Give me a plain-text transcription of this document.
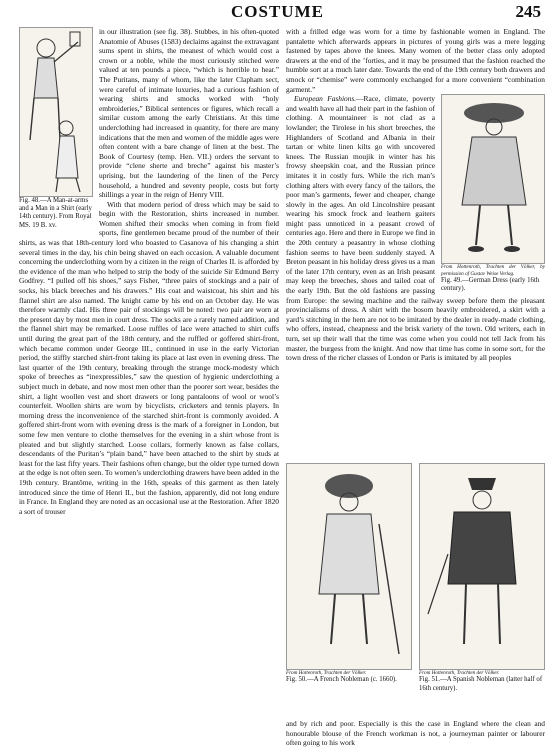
COSTUME	245
Fig. 48.—A Man-at-arms and a Man in a Shirt (early 14th century). From Royal MS. 19 B. xv.

in our illustration (see fig. 38). Stubbes, in his often-quoted Anatomie of Abuses (1583) declaims against the extravagant sums spent in shirts, the meanest of which would cost a crown or a noble, while the most curiously stitched were valued at ten pounds a piece, “which is horrible to hear.” The Puritans, many of whom, like the later Clapham sect, were careful of intimate luxuries, had a curious fashion of wearing shirts and smocks worked with “holy embroideries,” Biblical sentences or figures, which recall a similar custom among the early Christians. At this time underclothing had increased in quantity, for there are many indications that the men and women of the middle ages were often content with a bare change of linen at the best. The Book of Courtesy (temp. Hen. VII.) orders the servant to provide “clene sherte and breche” against his master’s uprising, but the laundering of the linen of the Percy household, a hundred and seventy people, costs but forty shillings a year in the reign of Henry VIII.

With that modern period of dress which may be said to begin with the Restoration, shirts increased in number. Women shifted their smocks when coming in from field sports, fine gentlemen became proud of the number of their shirts, as was that 18th-century lord who boasted to Casanova of his changing a shirt several times in the day, his chin being shaved on each occasion. A valuable document concerning the underclothing worn by a citizen in the reign of Charles II. is afforded by the evidence of the man who helped to strip the body of the suicide Sir Edmund Berry Godfrey. “I pulled off his shoes,” says Fisher, “three pairs of stockings and a pair of socks, his black breeches and his drawers.” His coat and waistcoat, his shirt and his flannel shirt are also named. The knight came by his end on an October day. He was therefore warmly clad. His three pair of stockings will be noted: two pair are worn at the present day by most men in court dress. The socks are a rarely named addition, and the flannel shirt may be remarked. Loose ruffles of lace were attached to shirt cuffs until during the great part of the 18th century, and the ruffled or goffered shirt-front, which became common under George III., continued in use in the early Victorian period, the stiffly starched shirt-front taking its place at last even in evening dress. The last quarter of the 19th century, breaking through the strange mock-modesty which spoke of breeches as “inexpressibles,” saw the question of hygienic underclothing a subject much in debate, and now most men other than the poorer sort wear, besides the shirt, a light woollen vest and short drawers or long pantaloons of wool or wool’s counterfeit. Woollen shirts are worn by bicyclists, cricketers and tennis players. In morning dress the inconvenience of the starched shirt-front is commonly avoided. A goffered shirt-front worn with evening dress is the mark of a foreigner in London, but some few men venture to clothe themselves for the evening in a shirt whose front is pleated and but slightly starched. Loose collars, formerly known as false collars, descendants of the Puritan’s “plain band,” have been attached to the shirt by studs at least for the last fifty years. Their fashions often change, but the older type turned down at the edge is not often seen. To women’s underclothing drawers have been added in the 19th century. Brantôme, writing in the 16th, speaks of this garment as then lately introduced since the time of Henri II., but the fashion, apparently, did not long endure in France. In England they are noted as an occasional use at the Restoration. After 1820 a sort of trouser

with a frilled edge was worn for a time by fashionable women in England. The pantalette which afterwards appears in pictures of young girls was a mere legging fastened by tapes above the knees. Many women of the better class only adopted drawers at the end of the ’forties, and it may be presumed that the fashion reached the humble sort at a much later date. Towards the end of the 19th century both drawers and smock or “chemise” were commonly exchanged for a more convenient “combination garment.”

From Hottenroth, Trachten der Völker, by permission of Gustav Weise Verlag.
Fig. 49.—German Dress (early 16th century).

European Fashions.—Race, climate, poverty and wealth have all had their part in the fashion of clothing. A mountaineer is not clad as a lowlander; the Tirolese in his short breeches, the Highlanders of Scotland and Albania in their tartan or white linen kilts go with uncovered knees. The Russian moujik in winter has his frowsy sheepskin coat, and the Russian prince imitates it in costly furs. While the rich man’s clothing alters with every fancy of the tailors, the poor man’s garments, fewer and cheaper, change slowly in the ages. An old Lincolnshire peasant wearing his smock frock and leathern gaiters might pass unnoticed in a peasant crowd of centuries ago. Here and there in Europe we find in the 20th century a peasantry in whose clothing fashion seems to have been suddenly stayed. A Breton peasant in his holiday dress gives us a man of the later 17th century, even as an Irish peasant may keep the breeches, shoes and tailed coat of the early 19th. But the old fashions are passing from Europe: the sewing machine and the railway sweep before them the pleasant provincialisms of dress. A shirt with the bosom heavily embroidered, a skirt with a yard’s stitching in the hem are not to be imitated by the dealer in ready-made clothing, who offers, instead, cheapness and the brisk variety of the town. Old writers, each in turn, set up their wall that the time was come when you could not tell Jack from his master, the burgess from the knight. And now that time has come in some sort, for the town dress of the richer classes of London or Paris is imitated by all peoples

From Hottenroth, Trachten der Völker.
Fig. 50.—A French Nobleman (c. 1660).
From Hottenroth, Trachten der Völker.
Fig. 51.—A Spanish Nobleman (latter half of 16th century).
and by rich and poor. Especially is this the case in England where the clean and honourable blouse of the French workman is not, a journeyman painter or labourer often going to his work
